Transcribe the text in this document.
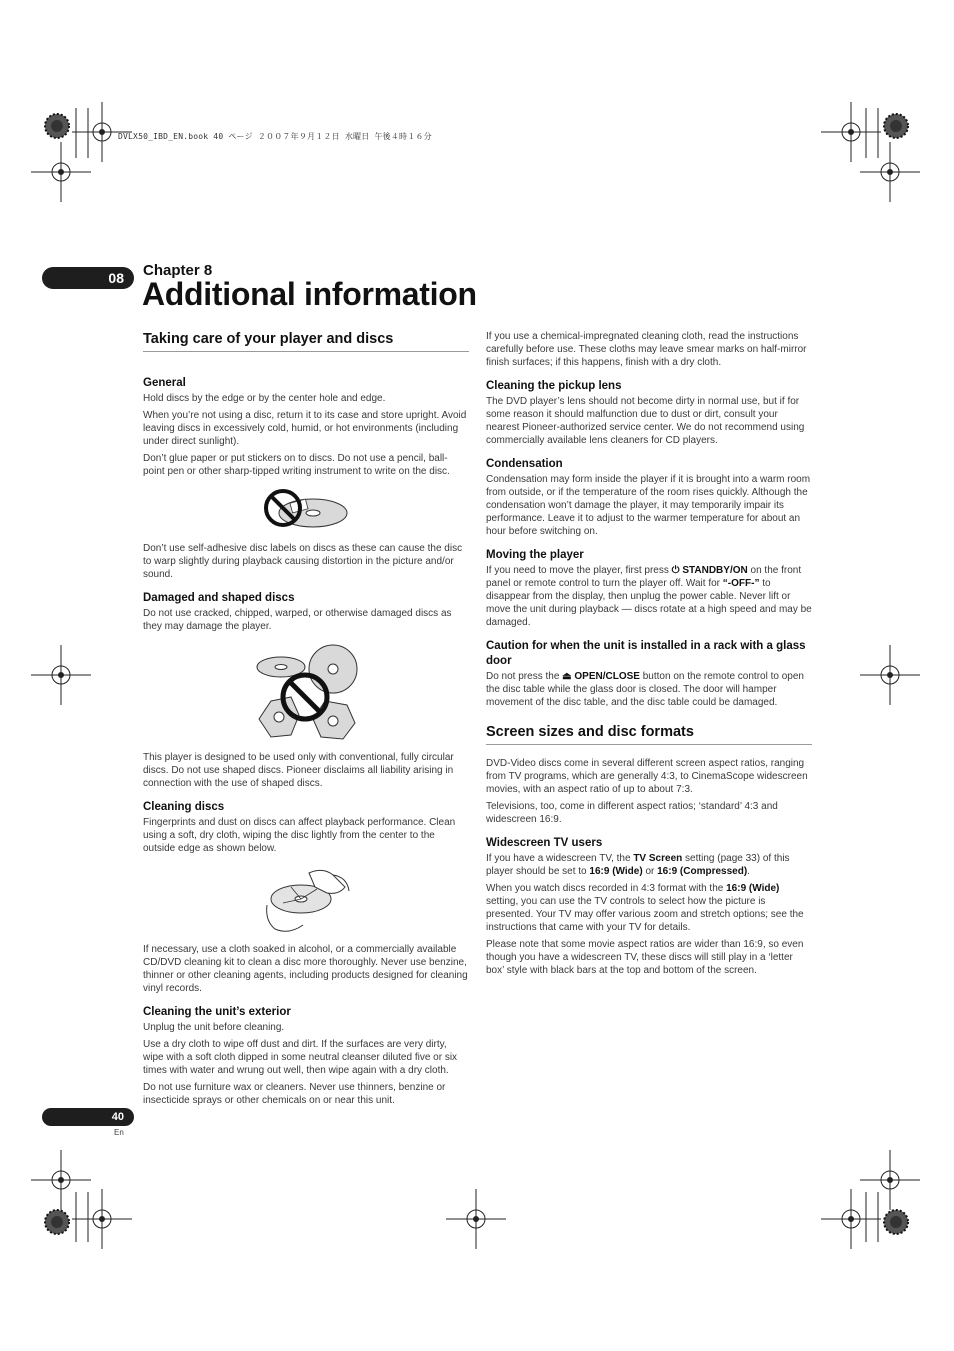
DVLX50_IBD_EN.book 40 ページ ２００７年９月１２日 水曜日 午後４時１６分
08	Chapter 8
Additional information
Taking care of your player and discs
General

Hold discs by the edge or by the center hole and edge.

When you’re not using a disc, return it to its case and store upright. Avoid leaving discs in excessively cold, humid, or hot environments (including under direct sunlight).

Don’t glue paper or put stickers on to discs. Do not use a pencil, ball-point pen or other sharp-tipped writing instrument to write on the disc.

Don’t use self-adhesive disc labels on discs as these can cause the disc to warp slightly during playback causing distortion in the picture and/or sound.

Damaged and shaped discs

Do not use cracked, chipped, warped, or otherwise damaged discs as they may damage the player.

This player is designed to be used only with conventional, fully circular discs. Do not use shaped discs. Pioneer disclaims all liability arising in connection with the use of shaped discs.

Cleaning discs

Fingerprints and dust on discs can affect playback performance. Clean using a soft, dry cloth, wiping the disc lightly from the center to the outside edge as shown below.

If necessary, use a cloth soaked in alcohol, or a commercially available CD/DVD cleaning kit to clean a disc more thoroughly. Never use benzine, thinner or other cleaning agents, including products designed for cleaning vinyl records.

Cleaning the unit’s exterior

Unplug the unit before cleaning.

Use a dry cloth to wipe off dust and dirt. If the surfaces are very dirty, wipe with a soft cloth dipped in some neutral cleanser diluted five or six times with water and wrung out well, then wipe again with a dry cloth.

Do not use furniture wax or cleaners. Never use thinners, benzine or insecticide sprays or other chemicals on or near this unit.

If you use a chemical-impregnated cleaning cloth, read the instructions carefully before use. These cloths may leave smear marks on half-mirror finish surfaces; if this happens, finish with a dry cloth.

Cleaning the pickup lens

The DVD player’s lens should not become dirty in normal use, but if for some reason it should malfunction due to dust or dirt, consult your nearest Pioneer-authorized service center. We do not recommend using commercially available lens cleaners for CD players.

Condensation

Condensation may form inside the player if it is brought into a warm room from outside, or if the temperature of the room rises quickly. Although the condensation won’t damage the player, it may temporarily impair its performance. Leave it to adjust to the warmer temperature for about an hour before switching on.

Moving the player

If you need to move the player, first press ⏻ STANDBY/ON on the front panel or remote control to turn the player off. Wait for “-OFF-” to disappear from the display, then unplug the power cable. Never lift or move the unit during playback — discs rotate at a high speed and may be damaged.

Caution for when the unit is installed in a rack with a glass door

Do not press the ⏏ OPEN/CLOSE button on the remote control to open the disc table while the glass door is closed. The door will hamper movement of the disc table, and the disc table could be damaged.

Screen sizes and disc formats

DVD-Video discs come in several different screen aspect ratios, ranging from TV programs, which are generally 4:3, to CinemaScope widescreen movies, with an aspect ratio of up to about 7:3.

Televisions, too, come in different aspect ratios; ‘standard’ 4:3 and widescreen 16:9.

Widescreen TV users

If you have a widescreen TV, the TV Screen setting (page 33) of this player should be set to 16:9 (Wide) or 16:9 (Compressed).

When you watch discs recorded in 4:3 format with the 16:9 (Wide) setting, you can use the TV controls to select how the picture is presented. Your TV may offer various zoom and stretch options; see the instructions that came with your TV for details.

Please note that some movie aspect ratios are wider than 16:9, so even though you have a widescreen TV, these discs will still play in a ‘letter box’ style with black bars at the top and bottom of the screen.

40
En
